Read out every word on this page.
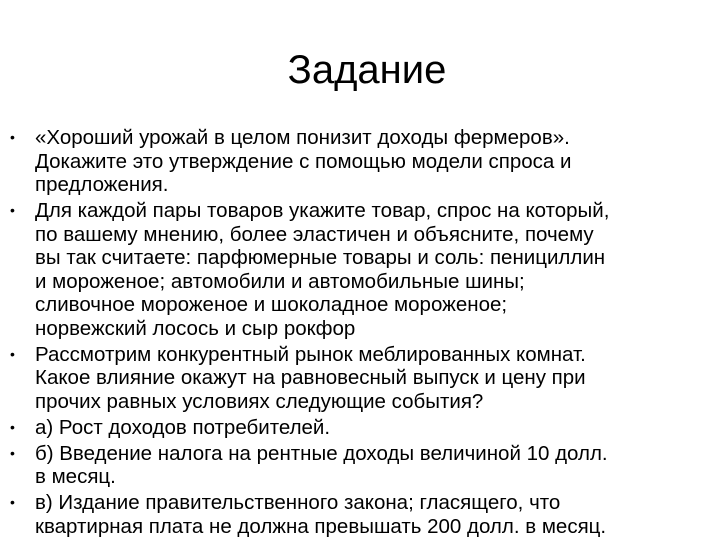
Задание
• «Хороший урожай в целом понизит доходы фермеров».
Докажите это утверждение с помощью модели спроса и
предложения.
• Для каждой пары товаров укажите товар, спрос на который,
по вашему мнению, более эластичен и объясните, почему
вы так считаете: парфюмерные товары и соль: пенициллин
и мороженое; автомобили и автомобильные шины;
сливочное мороженое и шоколадное мороженое;
норвежский лосось и сыр рокфор
• Рассмотрим конкурентный рынок меблированных комнат.
Какое влияние окажут на равновесный выпуск и цену при
прочих равных условиях следующие события?
• а) Рост доходов потребителей.
• б) Введение налога на рентные доходы величиной 10 долл.
в месяц.
• в) Издание правительственного закона; гласящего, что
квартирная плата не должна превышать 200 долл. в месяц.
